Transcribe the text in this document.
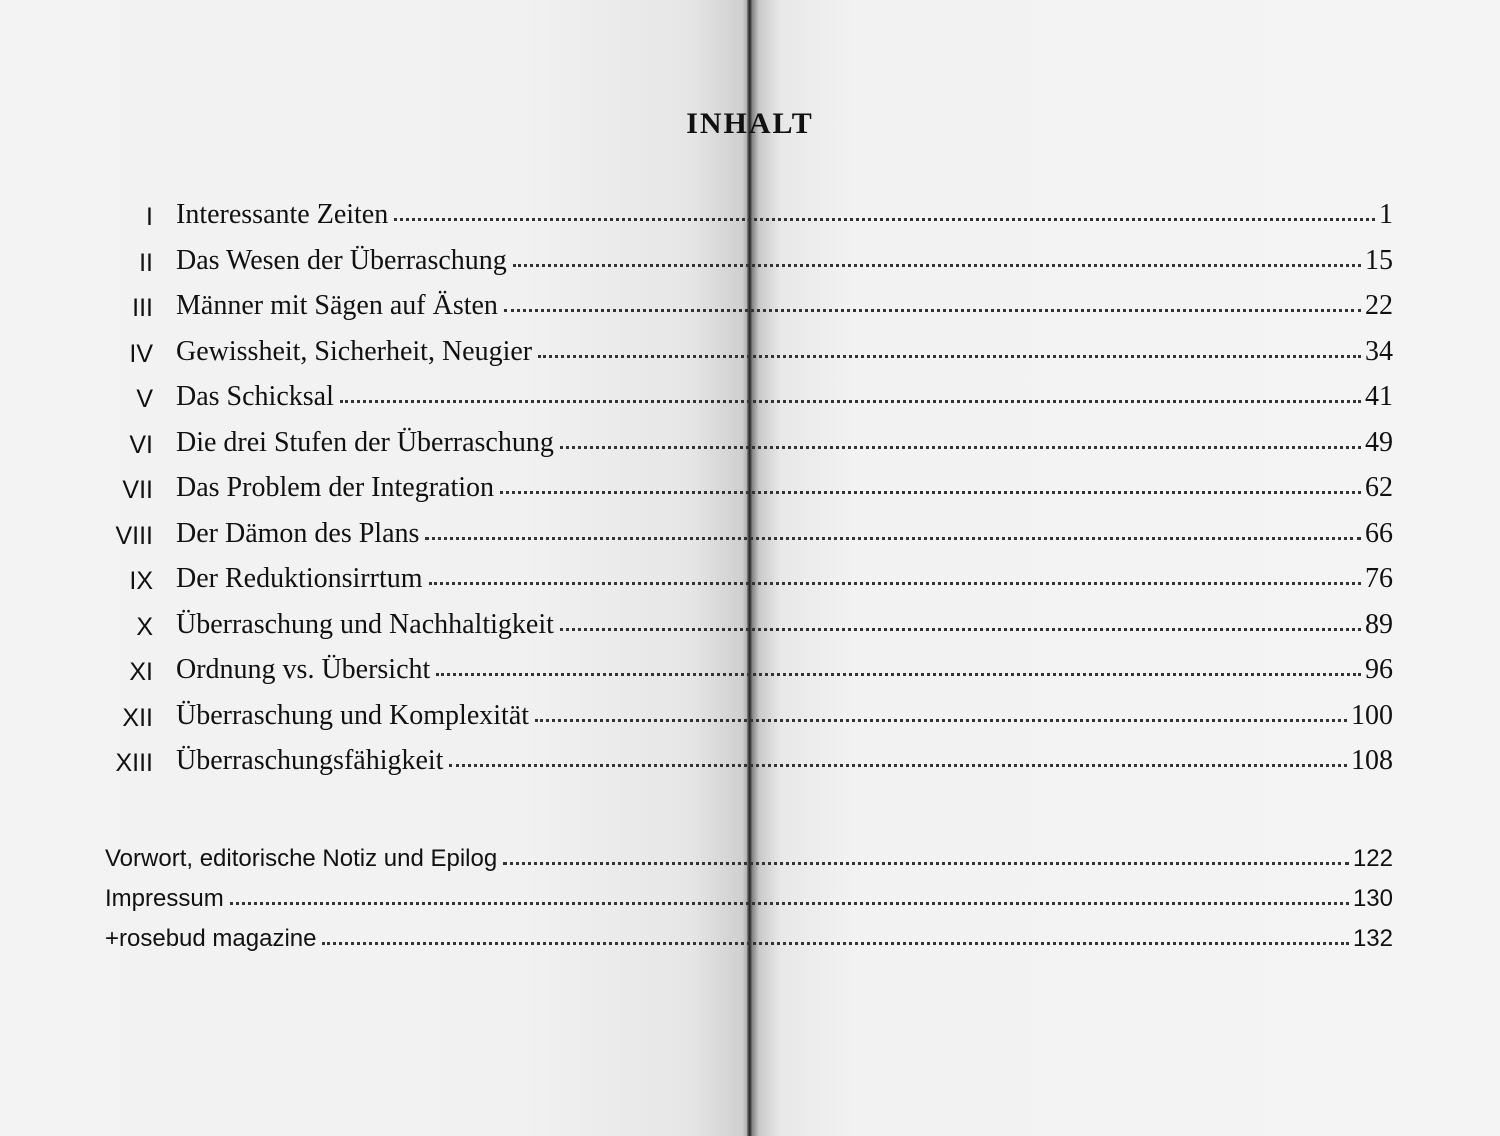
INHALT
I Interessante Zeiten	1
II Das Wesen der Überraschung	15
III Männer mit Sägen auf Ästen	22
IV Gewissheit, Sicherheit, Neugier	34
V Das Schicksal	41
VI Die drei Stufen der Überraschung	49
VII Das Problem der Integration	62
VIII Der Dämon des Plans	66
IX Der Reduktionsirrtum	76
X Überraschung und Nachhaltigkeit	89
XI Ordnung vs. Übersicht	96
XII Überraschung und Komplexität	100
XIII Überraschungsfähigkeit	108
Vorwort, editorische Notiz und Epilog	122
Impressum	130
+rosebud magazine	132
